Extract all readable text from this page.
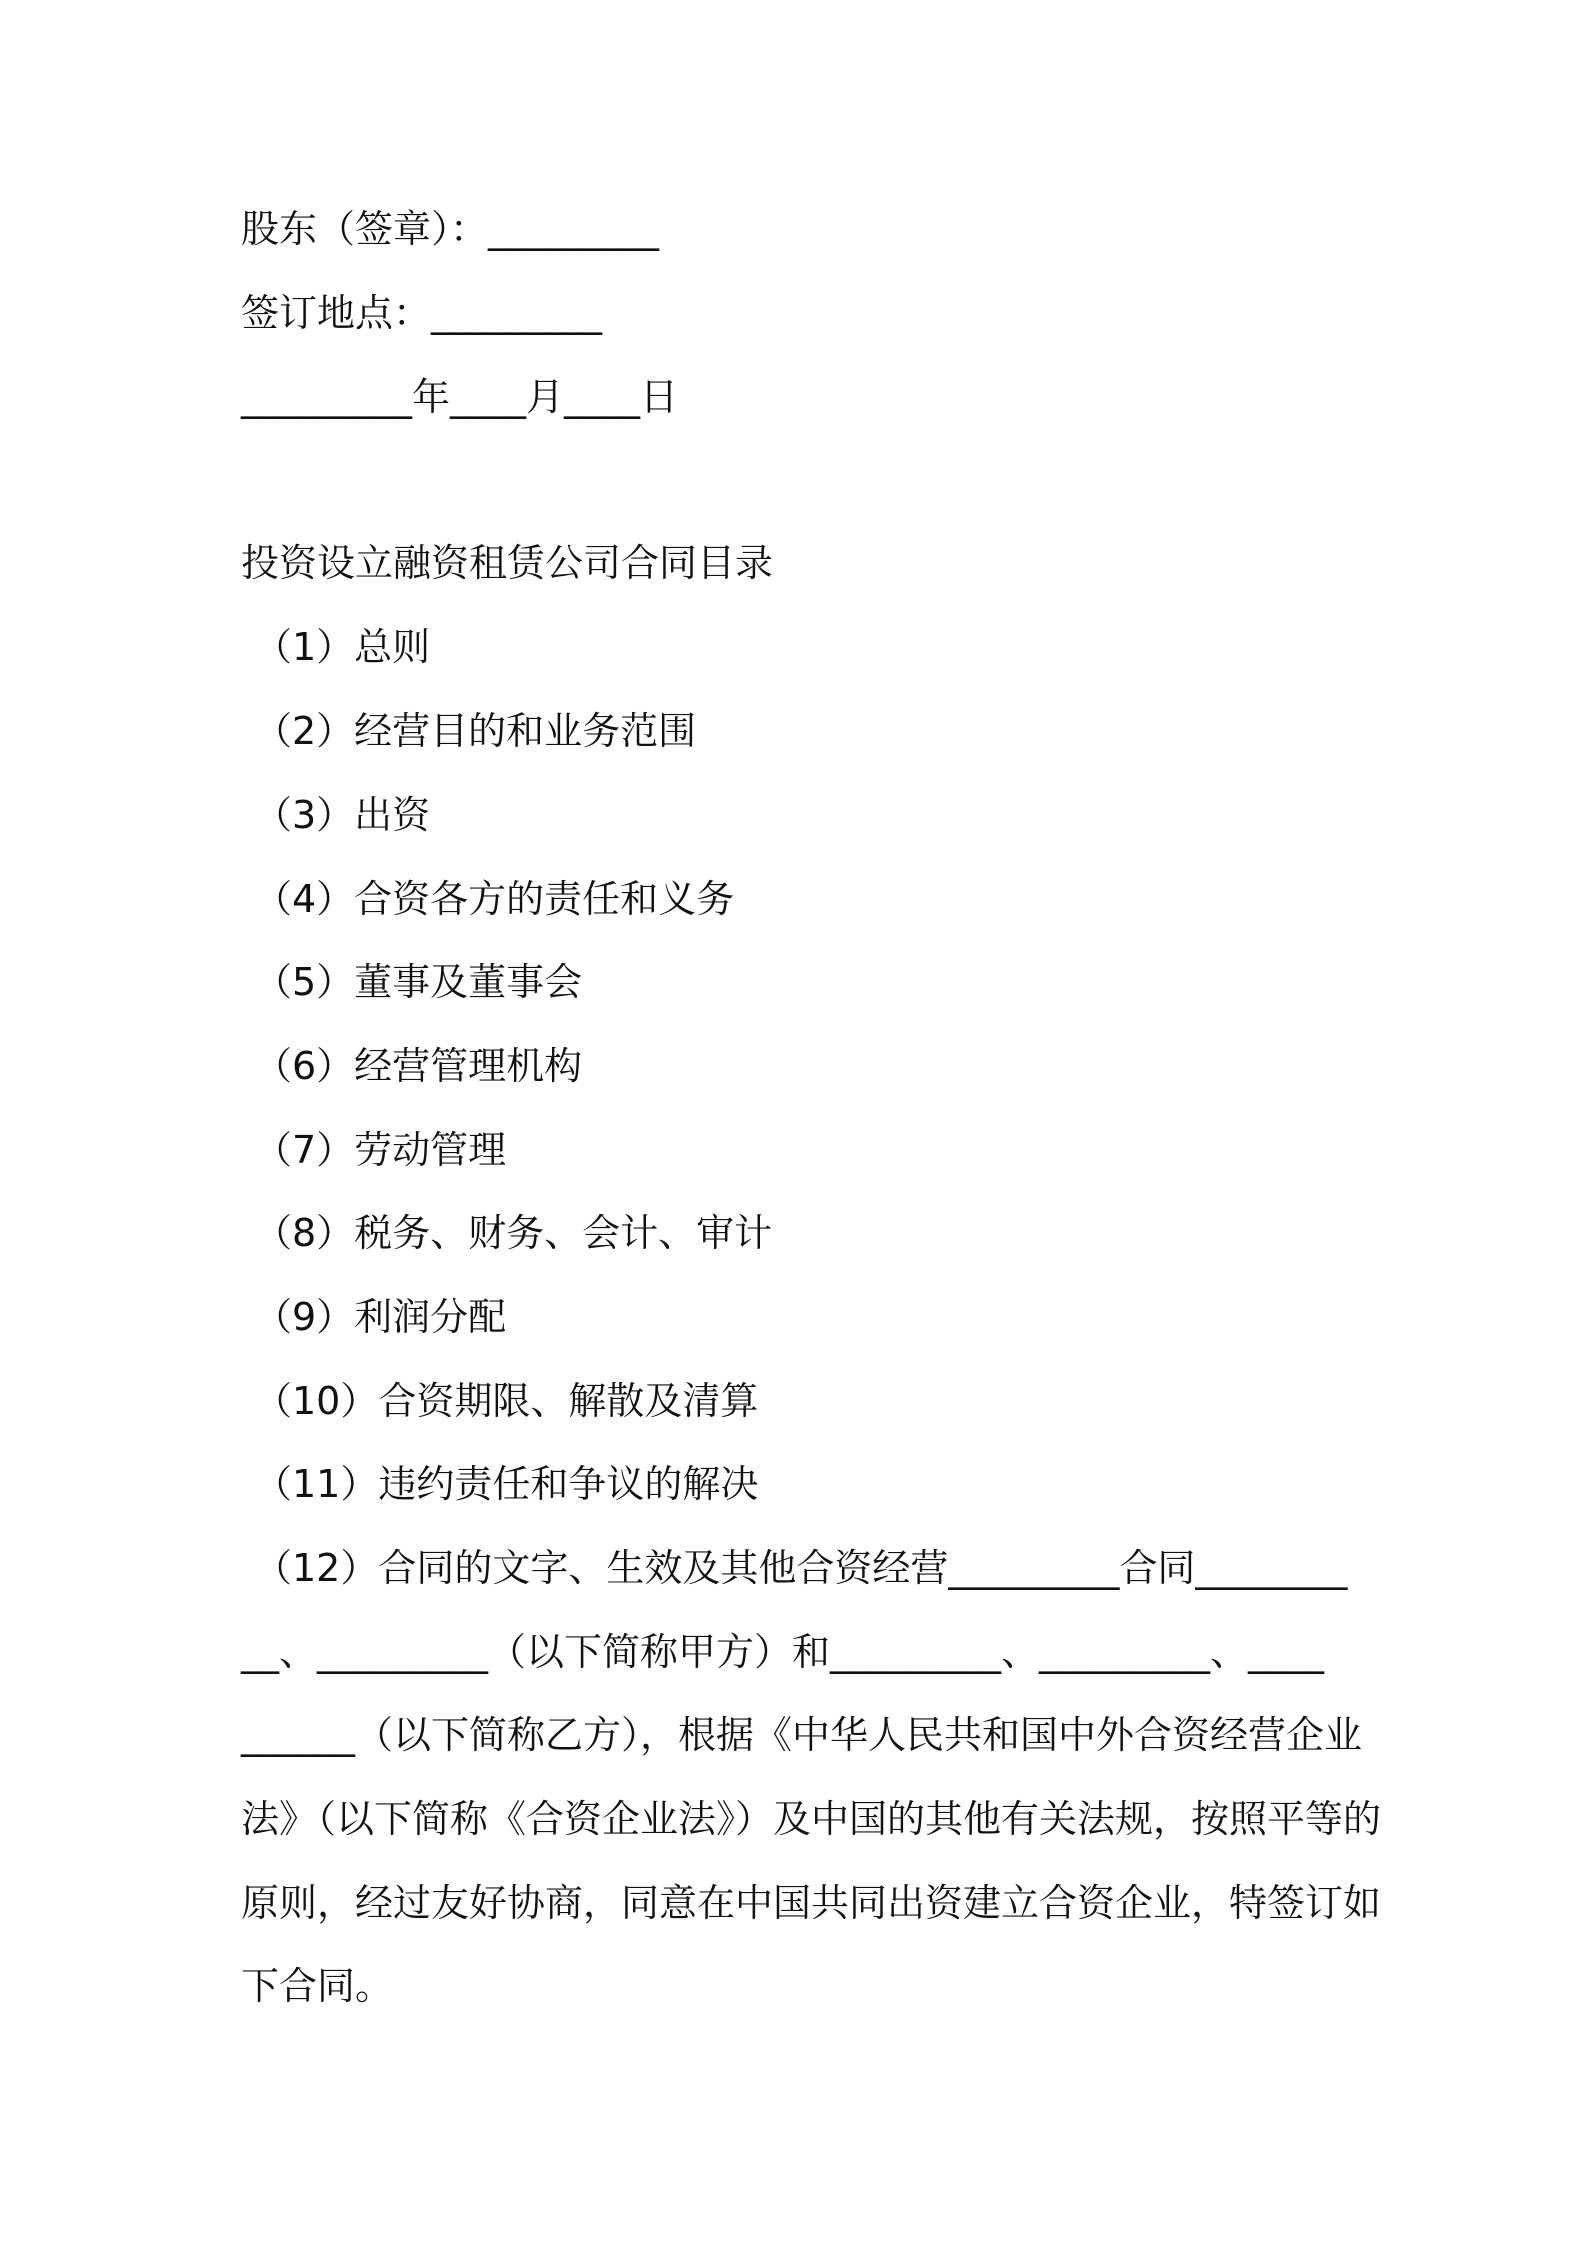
股东（签章）：_________
签订地点：_________
_________年____月____日
投资设立融资租赁公司合同目录
（1）总则
（2）经营目的和业务范围
（3）出资
（4）合资各方的责任和义务
（5）董事及董事会
（6）经营管理机构
（7）劳动管理
（8）税务、财务、会计、审计
（9）利润分配
（10）合资期限、解散及清算
（11）违约责任和争议的解决
（12）合同的文字、生效及其他合资经营_________合同________
__、_________（以下简称甲方）和_________、_________、____
______（以下简称乙方），根据《中华人民共和国中外合资经营企业
法》（以下简称《合资企业法》）及中国的其他有关法规，按照平等的
原则，经过友好协商，同意在中国共同出资建立合资企业，特签订如
下合同。
